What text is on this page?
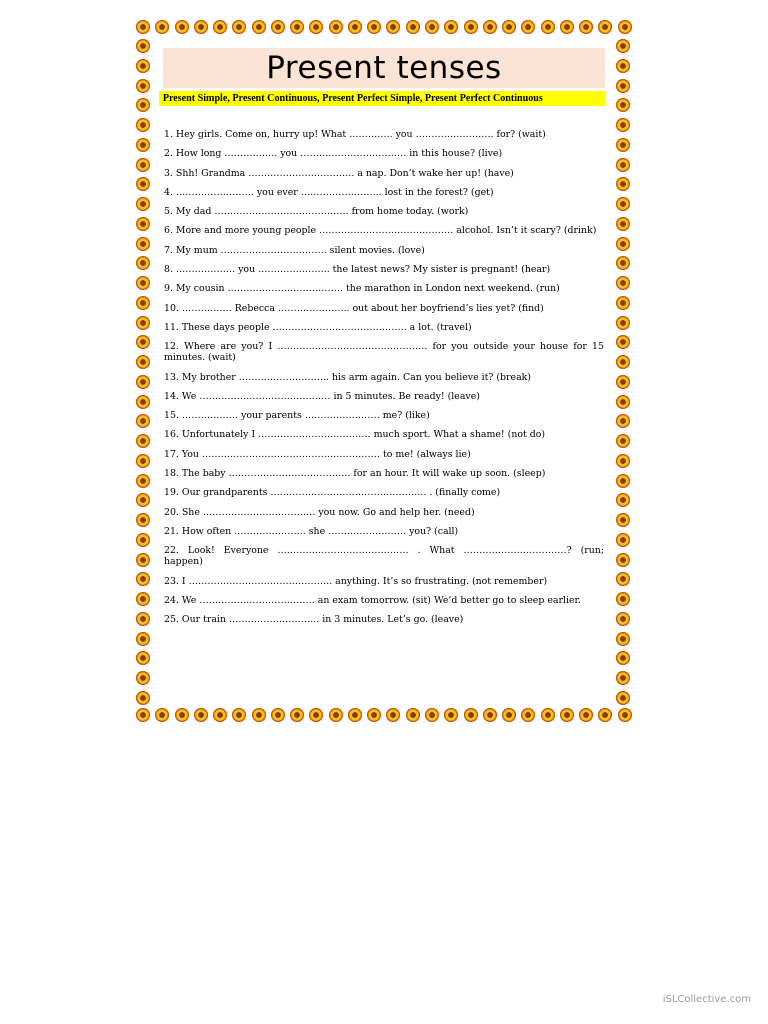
Present tenses
Present Simple, Present Continuous, Present Perfect Simple, Present Perfect Continuous
1. Hey girls. Come on, hurry up! What ………….. you ……………………. for? (wait)
2. How long …………….. you ……………………………. in this house? (live)
3. Shh! Grandma ……………………………. a nap. Don’t wake her up! (have)
4. ……………………. you ever …………………….. lost in the forest? (get)
5. My dad ……………………………………. from home today. (work)
6. More and more young people ……………………………………. alcohol. Isn’t it scary? (drink)
7. My mum ……………………………. silent movies. (love)
8. ………………. you ………………….. the latest news? My sister is pregnant! (hear)
9. My cousin ………………………………. the marathon in London next weekend. (run)
10. ……………. Rebecca ………………….. out about her boyfriend’s lies yet? (find)
11. These days people ……………………………………. a lot. (travel)
12. Where are you? I ………………………………………… for you outside your house for 15 minutes. (wait)
13. My brother ……………………….. his arm again. Can you believe it? (break)
14. We …………………………………… in 5 minutes. Be ready! (leave)
15. ……………… your parents …………………… me? (like)
16. Unfortunately I ……………………………… much sport. What a shame! (not do)
17. You ………………………………………………… to me! (always lie)
18. The baby ………………………………… for an hour. It will wake up soon. (sleep)
19. Our grandparents ………………………………………….. . (finally come)
20. She ……………………………… you now. Go and help her. (need)
21. How often ………………….. she ……………………. you? (call)
22. Look! Everyone …………………………………… . What ……………………………? (run; happen)
23. I ………………………………………. anything. It’s so frustrating. (not remember)
24. We ………………………………. an exam tomorrow. (sit) We’d better go to sleep earlier.
25. Our train ……………………….. in 3 minutes. Let’s go. (leave)
iSLCollective.com
